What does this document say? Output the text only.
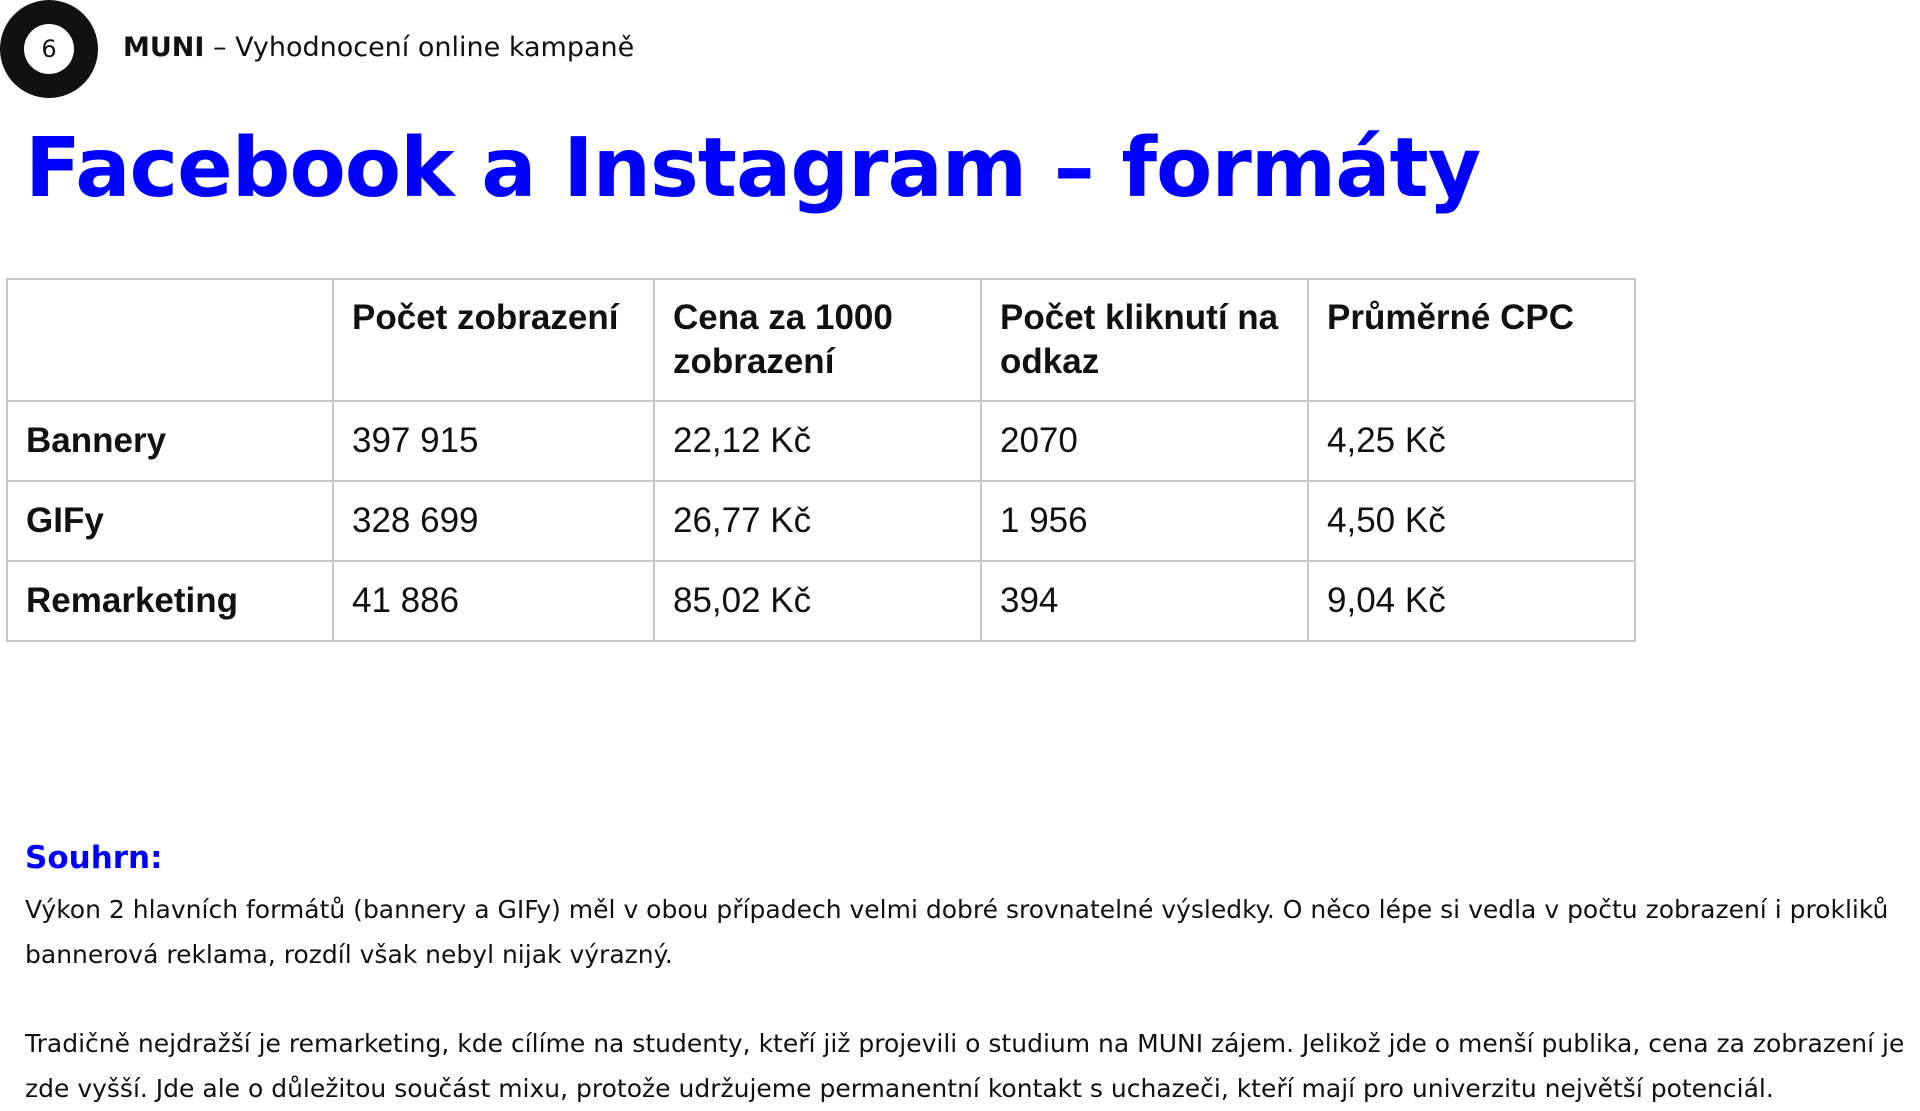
6	MUNI – Vyhodnocení online kampaně
Facebook a Instagram – formáty
	Počet zobrazení	Cena za 1000 zobrazení	Počet kliknutí na odkaz	Průměrné CPC
Bannery	397 915	22,12 Kč	2070	4,25 Kč
GIFy	328 699	26,77 Kč	1 956	4,50 Kč
Remarketing	41 886	85,02 Kč	394	9,04 Kč
Souhrn:

Výkon 2 hlavních formátů (bannery a GIFy) měl v obou případech velmi dobré srovnatelné výsledky. O něco lépe si vedla v počtu zobrazení i prokliků bannerová reklama, rozdíl však nebyl nijak výrazný.

Tradičně nejdražší je remarketing, kde cílíme na studenty, kteří již projevili o studium na MUNI zájem. Jelikož jde o menší publika, cena za zobrazení je zde vyšší. Jde ale o důležitou součást mixu, protože udržujeme permanentní kontakt s uchazeči, kteří mají pro univerzitu největší potenciál.
